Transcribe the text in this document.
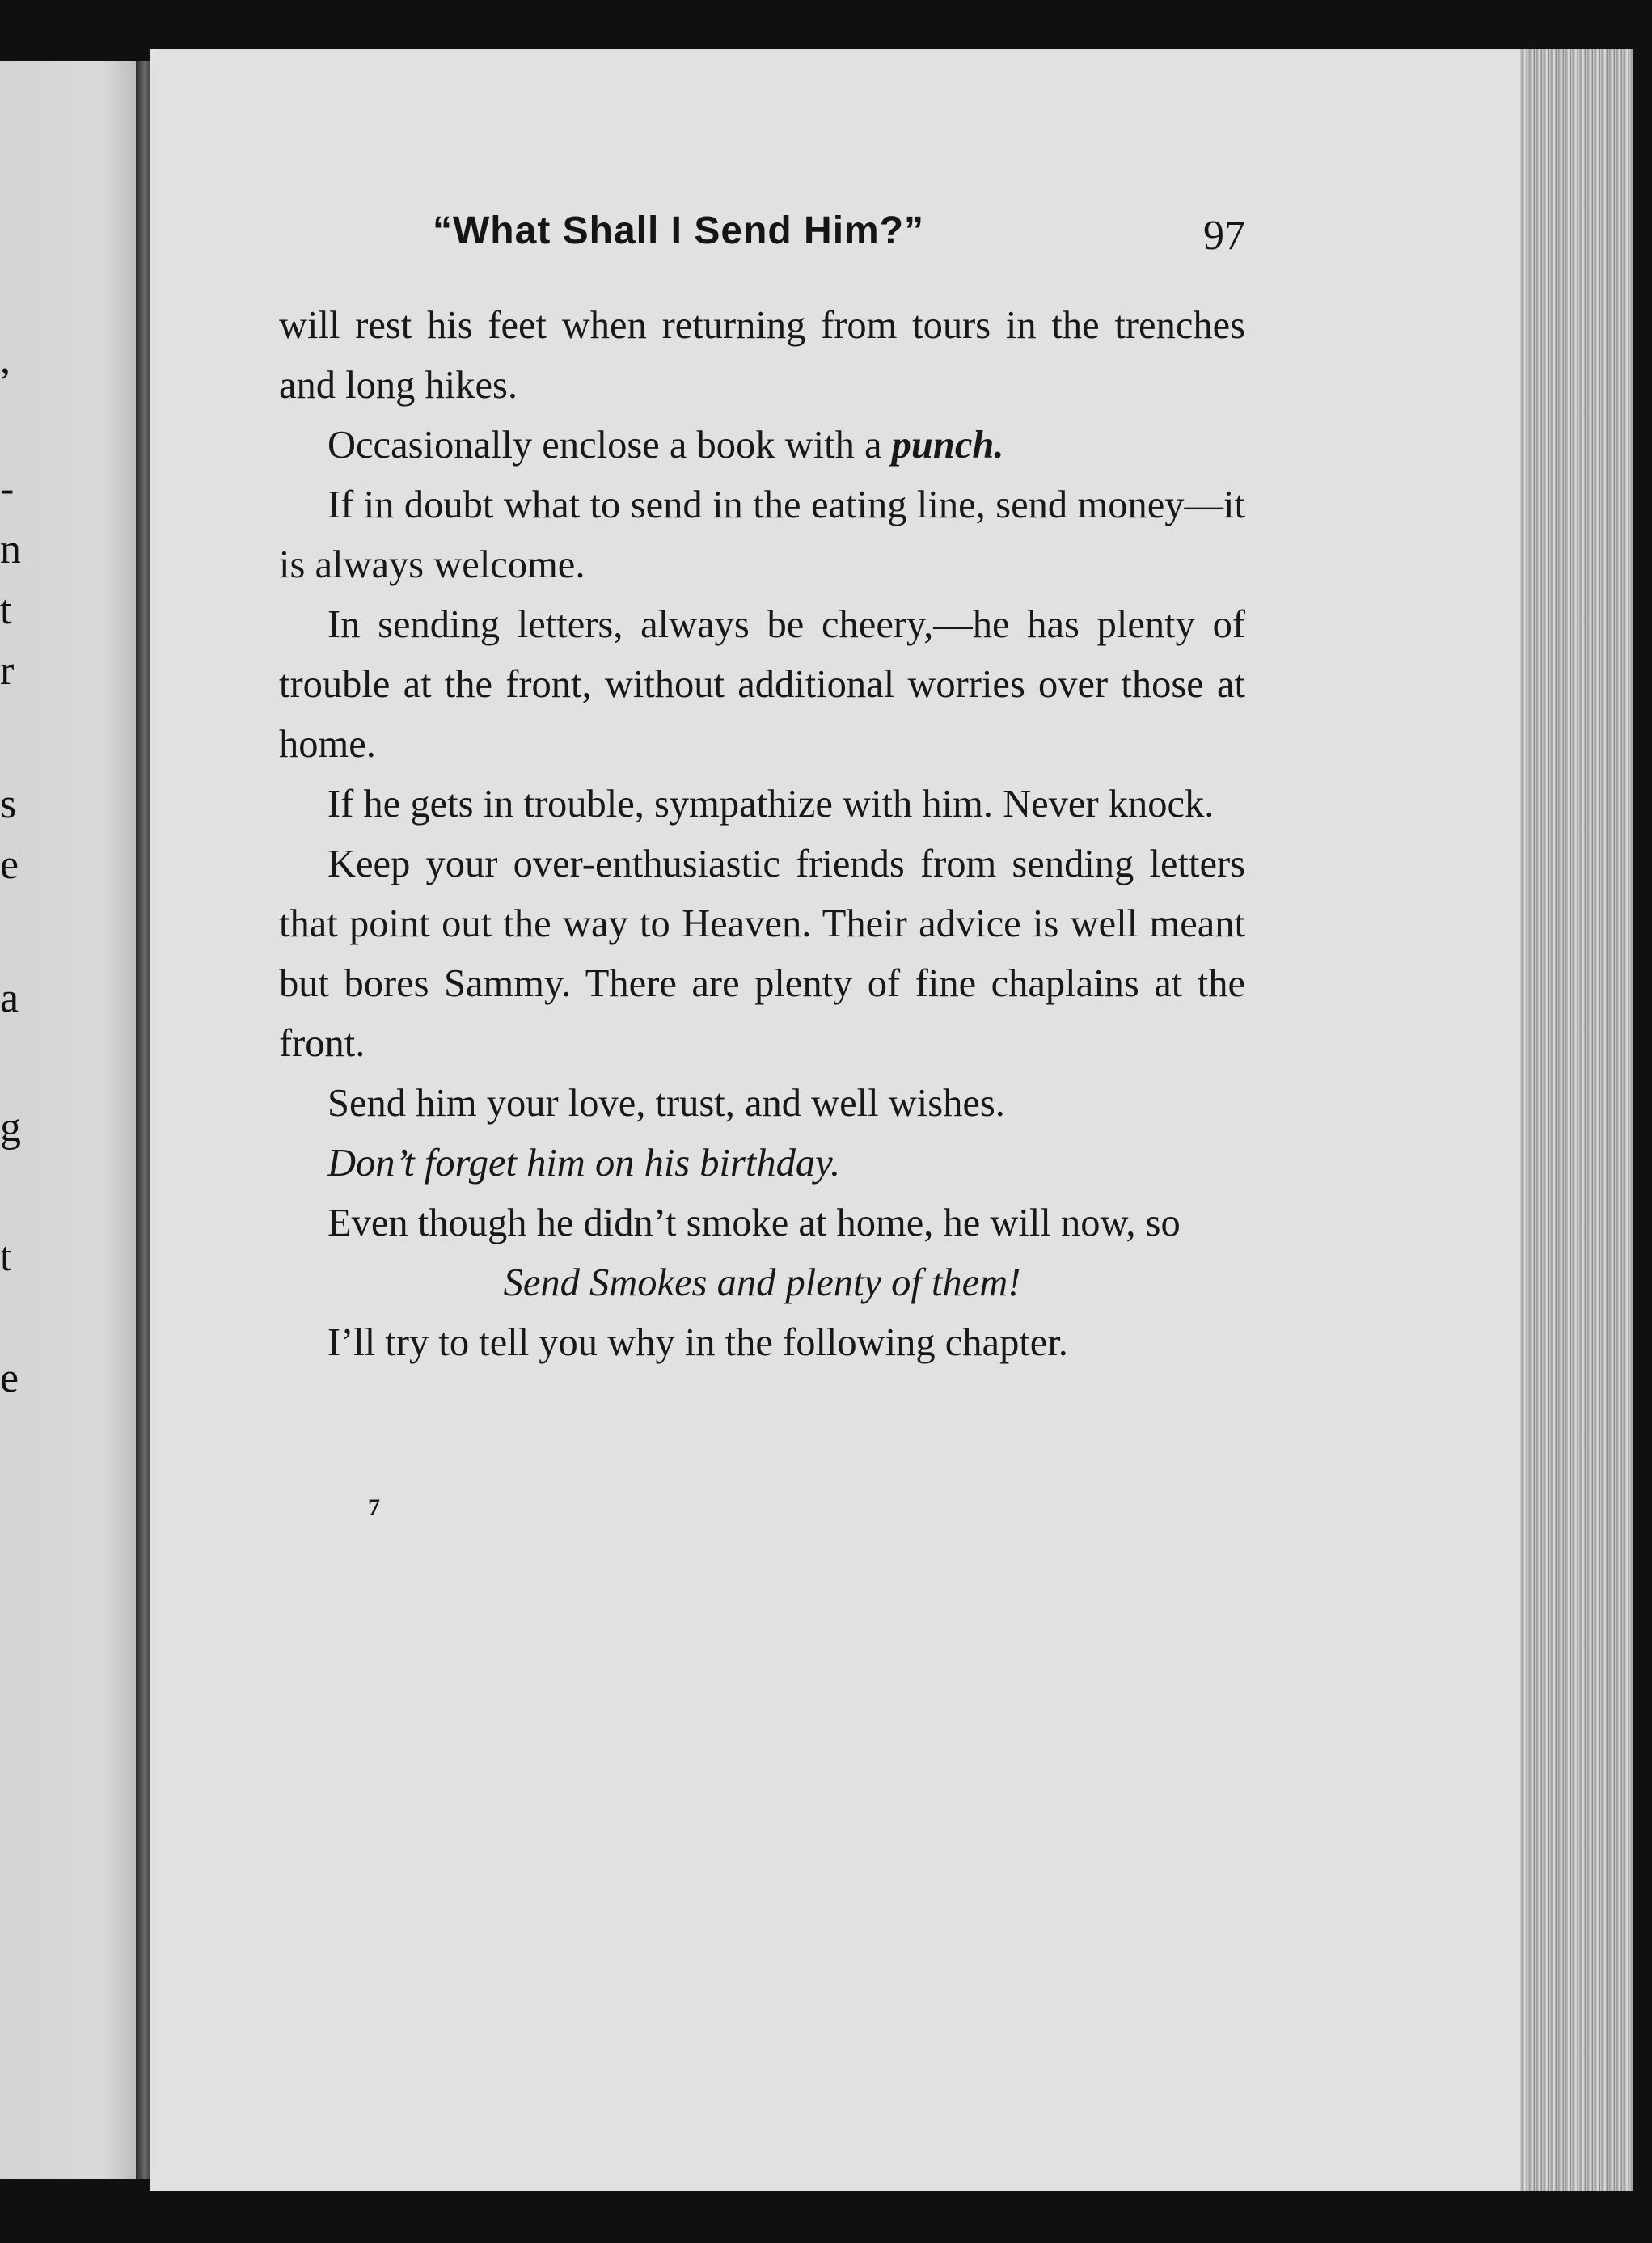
,
-
n
t
r
s
e
a
g
t
e
“What Shall I Send Him?”	97

will rest his feet when returning from tours in the trenches and long hikes.

Occasionally enclose a book with a punch.

If in doubt what to send in the eating line, send money—it is always welcome.

In sending letters, always be cheery,—he has plenty of trouble at the front, without additional worries over those at home.

If he gets in trouble, sympathize with him. Never knock.

Keep your over-enthusiastic friends from sending letters that point out the way to Heaven. Their advice is well meant but bores Sammy. There are plenty of fine chaplains at the front.

Send him your love, trust, and well wishes.

Don’t forget him on his birthday.

Even though he didn’t smoke at home, he will now, so

Send Smokes and plenty of them!

I’ll try to tell you why in the following chapter.

7
